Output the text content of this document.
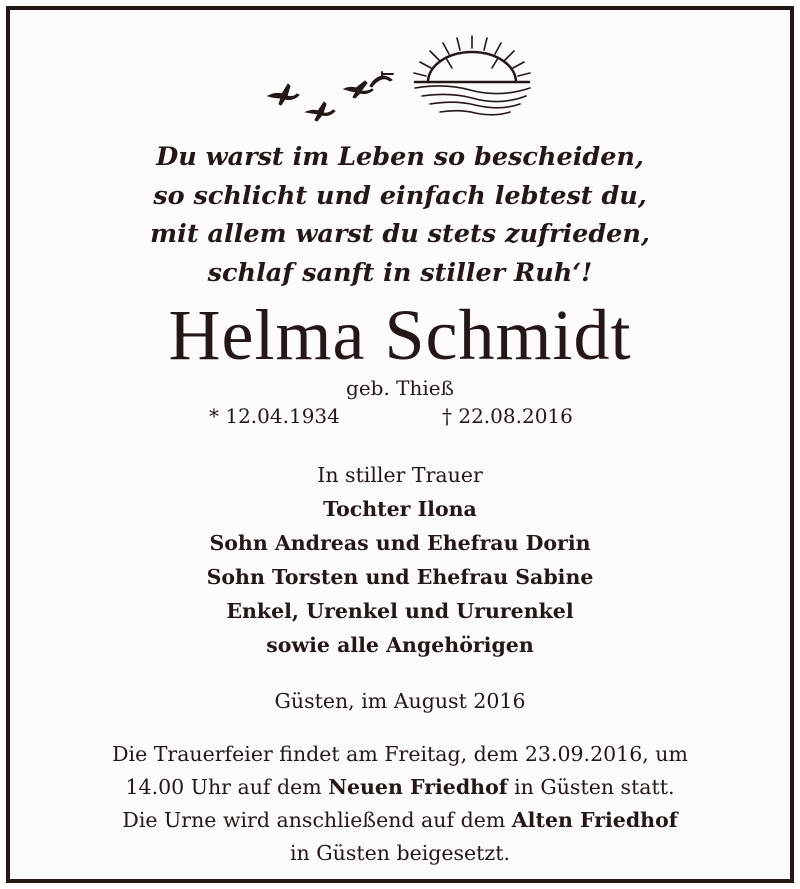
Du warst im Leben so bescheiden,
so schlicht und einfach lebtest du,
mit allem warst du stets zufrieden,
schlaf sanft in stiller Ruh‘!
Helma Schmidt
geb. Thieß
* 12.04.1934	† 22.08.2016
In stiller Trauer
Tochter Ilona
Sohn Andreas und Ehefrau Dorin
Sohn Torsten und Ehefrau Sabine
Enkel, Urenkel und Ururenkel
sowie alle Angehörigen
Güsten, im August 2016
Die Trauerfeier findet am Freitag, dem 23.09.2016, um
14.00 Uhr auf dem Neuen Friedhof in Güsten statt.
Die Urne wird anschließend auf dem Alten Friedhof
in Güsten beigesetzt.
